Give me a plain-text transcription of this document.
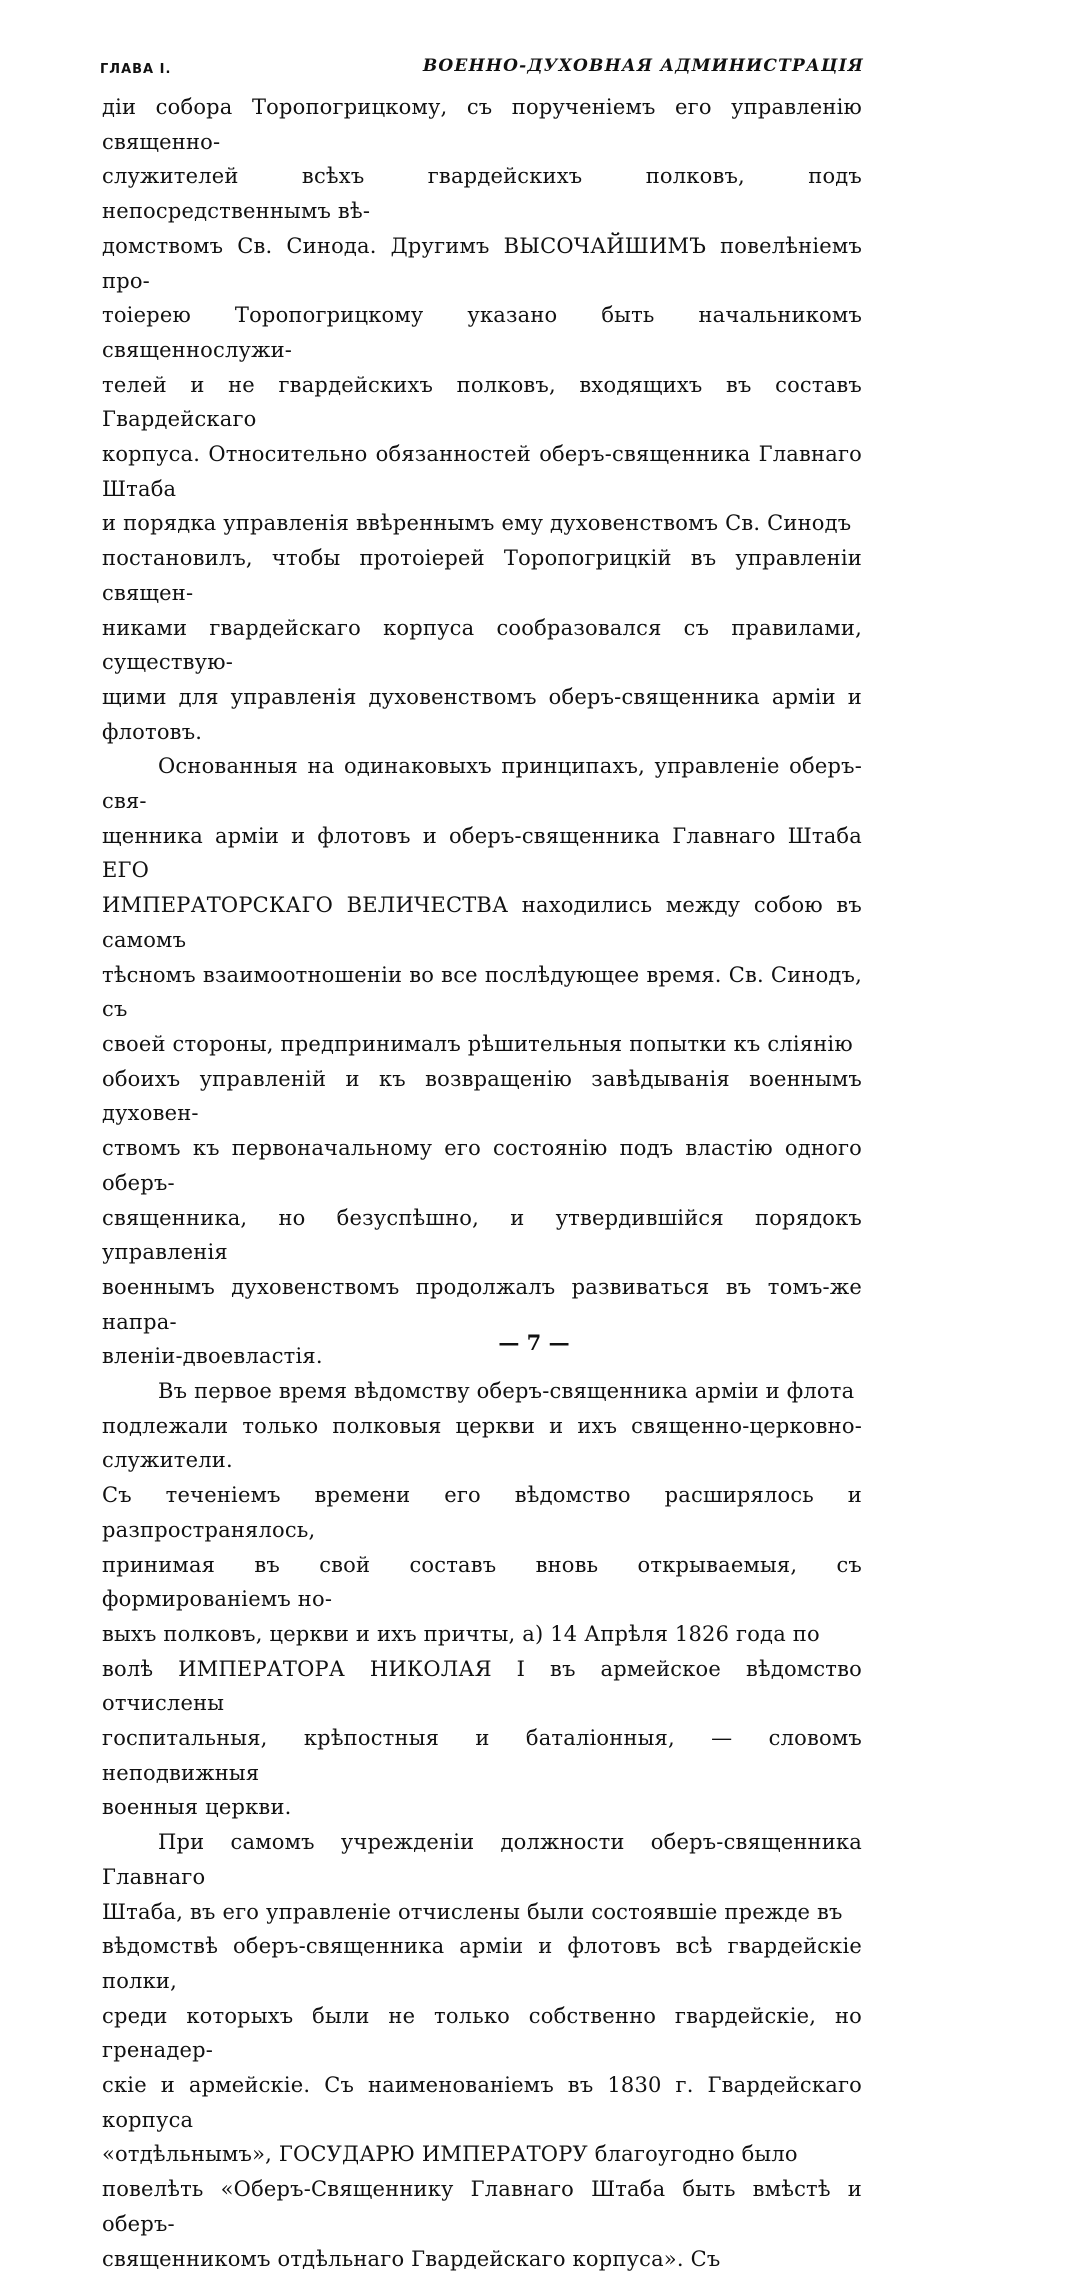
ГЛАВА I.	ВОЕННО-ДУХОВНАЯ АДМИНИСТРАЦІЯ

діи собора Торопогрицкому, съ порученіемъ его управленію священно-
служителей всѣхъ гвардейскихъ полковъ, подъ непосредственнымъ вѣ-
домствомъ Св. Синода. Другимъ ВЫСОЧАЙШИМЪ повелѣніемъ про-
тоіерею Торопогрицкому указано быть начальникомъ священнослужи-
телей и не гвардейскихъ полковъ, входящихъ въ составъ Гвардейскаго
корпуса. Относительно обязанностей оберъ-священника Главнаго Штаба
и порядка управленія ввѣреннымъ ему духовенствомъ Св. Синодъ
постановилъ, чтобы протоіерей Торопогрицкій въ управленіи священ-
никами гвардейскаго корпуса сообразовался съ правилами, существую-
щими для управленія духовенствомъ оберъ-священника арміи и флотовъ.

Основанныя на одинаковыхъ принципахъ, управленіе оберъ-свя-
щенника арміи и флотовъ и оберъ-священника Главнаго Штаба ЕГО
ИМПЕРАТОРСКАГО ВЕЛИЧЕСТВА находились между собою въ самомъ
тѣсномъ взаимоотношеніи во все послѣдующее время. Св. Синодъ, съ
своей стороны, предпринималъ рѣшительныя попытки къ сліянію
обоихъ управленій и къ возвращенію завѣдыванія военнымъ духовен-
ствомъ къ первоначальному его состоянію подъ властію одного оберъ-
священника, но безуспѣшно, и утвердившійся порядокъ управленія
военнымъ духовенствомъ продолжалъ развиваться въ томъ-же напра-
вленіи-двоевластія.

Въ первое время вѣдомству оберъ-священника арміи и флота
подлежали только полковыя церкви и ихъ священно-церковно-служители.
Съ теченіемъ времени его вѣдомство расширялось и разпространялось,
принимая въ свой составъ вновь открываемыя, съ формированіемъ но-
выхъ полковъ, церкви и ихъ причты, а) 14 Апрѣля 1826 года по
волѣ ИМПЕРАТОРА НИКОЛАЯ I въ армейское вѣдомство отчислены
госпитальныя, крѣпостныя и баталіонныя, — словомъ неподвижныя
военныя церкви.

При самомъ учрежденіи должности оберъ-священника Главнаго
Штаба, въ его управленіе отчислены были состоявшіе прежде въ
вѣдомствѣ оберъ-священника арміи и флотовъ всѣ гвардейскіе полки,
среди которыхъ были не только собственно гвардейскіе, но гренадер-
скіе и армейскіе. Съ наименованіемъ въ 1830 г. Гвардейскаго корпуса
«отдѣльнымъ», ГОСУДАРЮ ИМПЕРАТОРУ благоугодно было
повелѣть «Оберъ-Священнику Главнаго Штаба быть вмѣстѣ и оберъ-
священникомъ отдѣльнаго Гвардейскаго корпуса». Съ

— 7 —
